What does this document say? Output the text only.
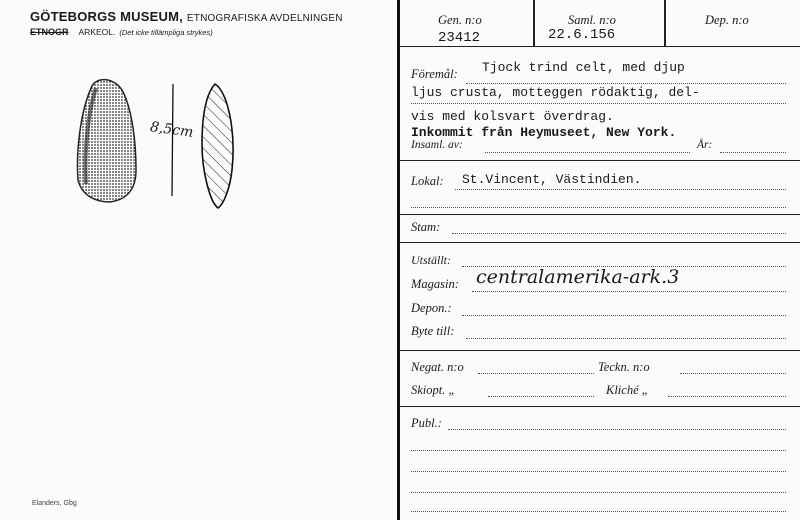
GÖTEBORGS MUSEUM, ETNOGRAFISKA AVDELNINGEN
ETNOGR ARKEOL. (Det icke tillämpliga strykes)
8,5cm
Elanders, Gbg
Gen. n:o
23412
Saml. n:o
22.6.156
Dep. n:o
Föremål: Tjock trind celt, med djup
ljus crusta, motteggen rödaktig, del-
vis med kolsvart överdrag.
Inkommit från Heymuseet, New York.
Insaml. av:	År:
Lokal: St.Vincent, Västindien.
Stam:
Utställt:
Magasin: centralamerika-ark.3
Depon.:
Byte till:
Negat. n:o	Teckn. n:o
Skiopt. „	Kliché „
Publ.:
